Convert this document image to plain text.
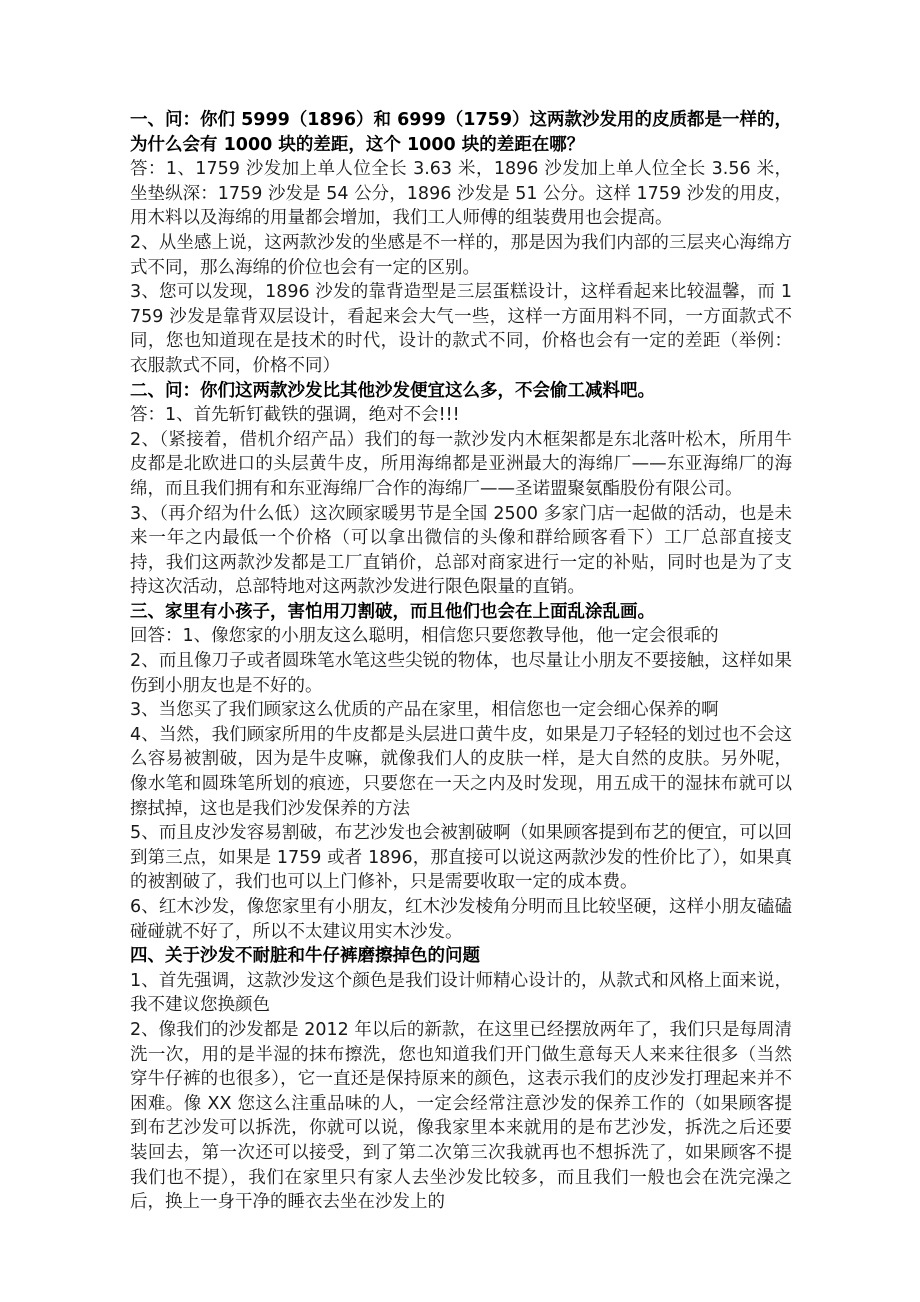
一、问：你们 5999（1896）和 6999（1759）这两款沙发用的皮质都是一样的，为什么会有 1000 块的差距，这个 1000 块的差距在哪？

答：1、1759 沙发加上单人位全长 3.63 米，1896 沙发加上单人位全长 3.56 米，坐垫纵深：1759 沙发是 54 公分，1896 沙发是 51 公分。这样 1759 沙发的用皮，用木料以及海绵的用量都会增加，我们工人师傅的组装费用也会提高。

2、从坐感上说，这两款沙发的坐感是不一样的，那是因为我们内部的三层夹心海绵方式不同，那么海绵的价位也会有一定的区别。

3、您可以发现，1896 沙发的靠背造型是三层蛋糕设计，这样看起来比较温馨，而 1759 沙发是靠背双层设计，看起来会大气一些，这样一方面用料不同，一方面款式不同，您也知道现在是技术的时代，设计的款式不同，价格也会有一定的差距（举例：衣服款式不同，价格不同）

二、问：你们这两款沙发比其他沙发便宜这么多，不会偷工减料吧。

答：1、首先斩钉截铁的强调，绝对不会!!!

2、（紧接着，借机介绍产品）我们的每一款沙发内木框架都是东北落叶松木，所用牛皮都是北欧进口的头层黄牛皮，所用海绵都是亚洲最大的海绵厂——东亚海绵厂的海绵，而且我们拥有和东亚海绵厂合作的海绵厂——圣诺盟聚氨酯股份有限公司。

3、（再介绍为什么低）这次顾家暖男节是全国 2500 多家门店一起做的活动，也是未来一年之内最低一个价格（可以拿出微信的头像和群给顾客看下）工厂总部直接支持，我们这两款沙发都是工厂直销价，总部对商家进行一定的补贴，同时也是为了支持这次活动，总部特地对这两款沙发进行限色限量的直销。

三、家里有小孩子，害怕用刀割破，而且他们也会在上面乱涂乱画。

回答：1、像您家的小朋友这么聪明，相信您只要您教导他，他一定会很乖的

2、而且像刀子或者圆珠笔水笔这些尖锐的物体，也尽量让小朋友不要接触，这样如果伤到小朋友也是不好的。

3、当您买了我们顾家这么优质的产品在家里，相信您也一定会细心保养的啊

4、当然，我们顾家所用的牛皮都是头层进口黄牛皮，如果是刀子轻轻的划过也不会这么容易被割破，因为是牛皮嘛，就像我们人的皮肤一样，是大自然的皮肤。另外呢，像水笔和圆珠笔所划的痕迹，只要您在一天之内及时发现，用五成干的湿抹布就可以擦拭掉，这也是我们沙发保养的方法

5、而且皮沙发容易割破，布艺沙发也会被割破啊（如果顾客提到布艺的便宜，可以回到第三点，如果是 1759 或者 1896，那直接可以说这两款沙发的性价比了），如果真的被割破了，我们也可以上门修补，只是需要收取一定的成本费。

6、红木沙发，像您家里有小朋友，红木沙发棱角分明而且比较坚硬，这样小朋友磕磕碰碰就不好了，所以不太建议用实木沙发。

四、关于沙发不耐脏和牛仔裤磨擦掉色的问题

1、首先强调，这款沙发这个颜色是我们设计师精心设计的，从款式和风格上面来说，我不建议您换颜色

2、像我们的沙发都是 2012 年以后的新款，在这里已经摆放两年了，我们只是每周清洗一次，用的是半湿的抹布擦洗，您也知道我们开门做生意每天人来来往很多（当然穿牛仔裤的也很多），它一直还是保持原来的颜色，这表示我们的皮沙发打理起来并不困难。像 XX 您这么注重品味的人，一定会经常注意沙发的保养工作的（如果顾客提到布艺沙发可以拆洗，你就可以说，像我家里本来就用的是布艺沙发，拆洗之后还要装回去，第一次还可以接受，到了第二次第三次我就再也不想拆洗了，如果顾客不提我们也不提），我们在家里只有家人去坐沙发比较多，而且我们一般也会在洗完澡之后，换上一身干净的睡衣去坐在沙发上的
